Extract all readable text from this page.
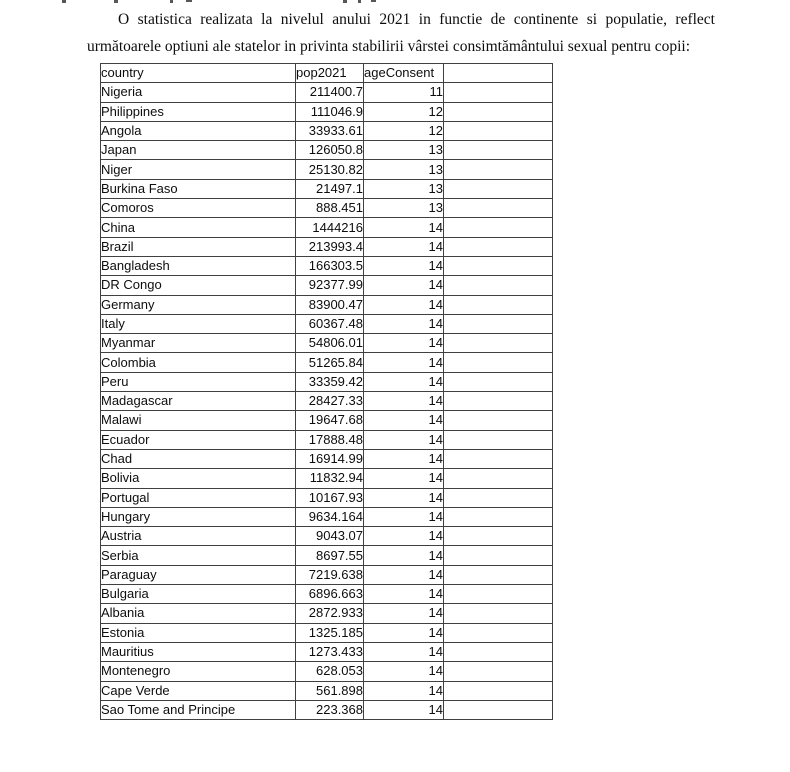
O statistica realizata la nivelul anului 2021 in functie de continente si populatie, reflect
următoarele optiuni ale statelor in privinta stabilirii vârstei consimtământului sexual pentru copii:

country	pop2021	ageConsent	
Nigeria	211400.7	11	
Philippines	111046.9	12	
Angola	33933.61	12	
Japan	126050.8	13	
Niger	25130.82	13	
Burkina Faso	21497.1	13	
Comoros	888.451	13	
China	1444216	14	
Brazil	213993.4	14	
Bangladesh	166303.5	14	
DR Congo	92377.99	14	
Germany	83900.47	14	
Italy	60367.48	14	
Myanmar	54806.01	14	
Colombia	51265.84	14	
Peru	33359.42	14	
Madagascar	28427.33	14	
Malawi	19647.68	14	
Ecuador	17888.48	14	
Chad	16914.99	14	
Bolivia	11832.94	14	
Portugal	10167.93	14	
Hungary	9634.164	14	
Austria	9043.07	14	
Serbia	8697.55	14	
Paraguay	7219.638	14	
Bulgaria	6896.663	14	
Albania	2872.933	14	
Estonia	1325.185	14	
Mauritius	1273.433	14	
Montenegro	628.053	14	
Cape Verde	561.898	14	
Sao Tome and Principe	223.368	14	
